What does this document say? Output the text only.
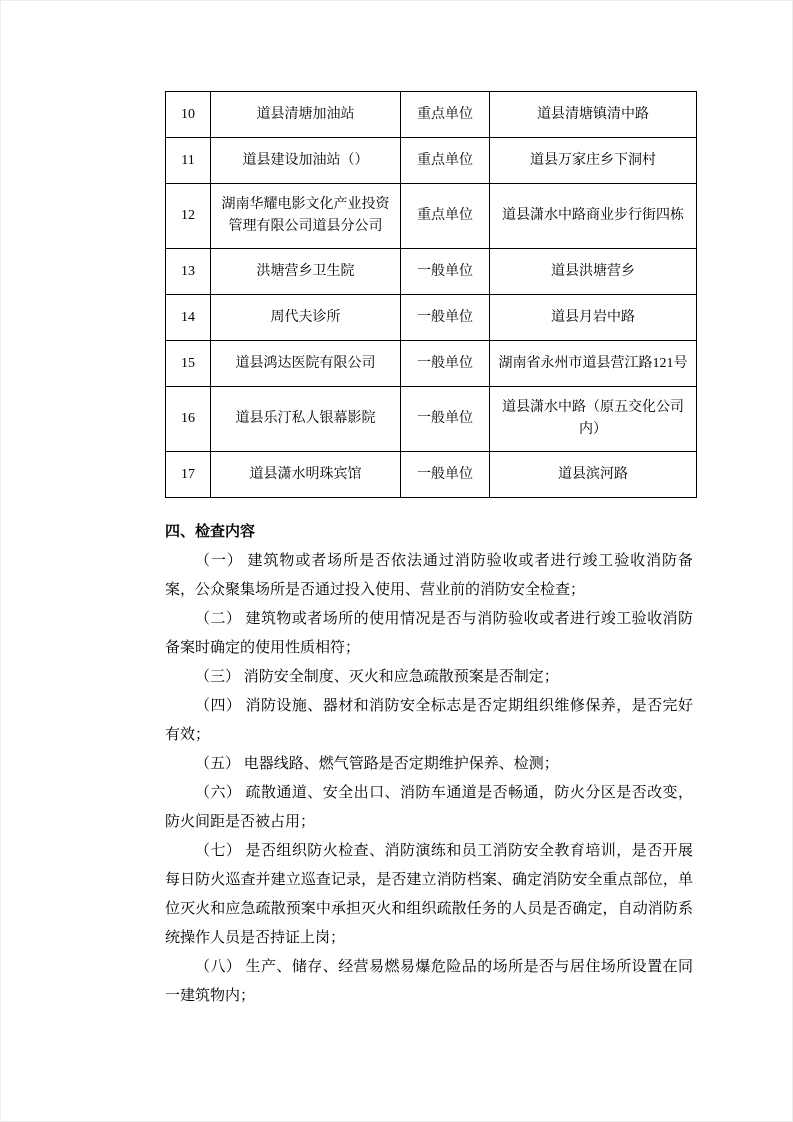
10	道县清塘加油站	重点单位	道县清塘镇清中路
11	道县建设加油站（）	重点单位	道县万家庄乡下洞村
12	湖南华耀电影文化产业投资管理有限公司道县分公司	重点单位	道县潇水中路商业步行街四栋
13	洪塘营乡卫生院	一般单位	道县洪塘营乡
14	周代夫诊所	一般单位	道县月岩中路
15	道县鸿达医院有限公司	一般单位	湖南省永州市道县营江路121号
16	道县乐汀私人银幕影院	一般单位	道县潇水中路（原五交化公司内）
17	道县潇水明珠宾馆	一般单位	道县滨河路
四、检查内容

（一） 建筑物或者场所是否依法通过消防验收或者进行竣工验收消防备案，公众聚集场所是否通过投入使用、营业前的消防安全检查；

（二） 建筑物或者场所的使用情况是否与消防验收或者进行竣工验收消防备案时确定的使用性质相符；

（三） 消防安全制度、灭火和应急疏散预案是否制定；

（四） 消防设施、器材和消防安全标志是否定期组织维修保养，是否完好有效；

（五） 电器线路、燃气管路是否定期维护保养、检测；

（六） 疏散通道、安全出口、消防车通道是否畅通，防火分区是否改变，防火间距是否被占用；

（七） 是否组织防火检查、消防演练和员工消防安全教育培训，是否开展每日防火巡查并建立巡查记录，是否建立消防档案、确定消防安全重点部位，单位灭火和应急疏散预案中承担灭火和组织疏散任务的人员是否确定，自动消防系统操作人员是否持证上岗；

（八） 生产、储存、经营易燃易爆危险品的场所是否与居住场所设置在同一建筑物内；
